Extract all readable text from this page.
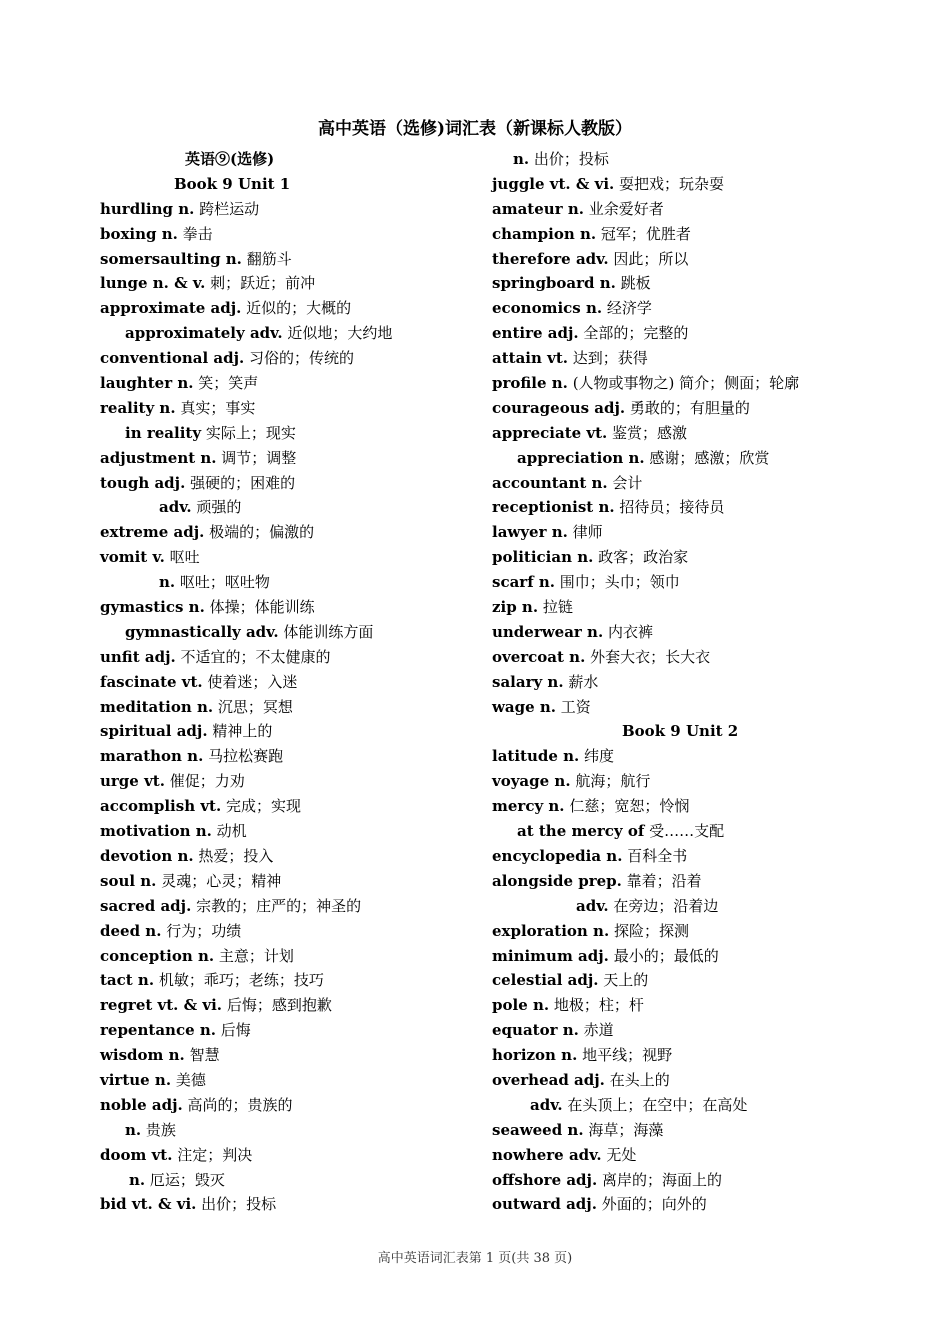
高中英语（选修)词汇表（新课标人教版）
英语⑨(选修)
Book 9 Unit 1
hurdling n. 跨栏运动
boxing n. 拳击
somersaulting n. 翻筋斗
lunge n. & v. 刺；跃近；前冲
approximate adj. 近似的；大概的
approximately adv. 近似地；大约地
conventional adj. 习俗的；传统的
laughter n. 笑；笑声
reality n. 真实；事实
in reality 实际上；现实
adjustment n. 调节；调整
tough adj. 强硬的；困难的
adv. 顽强的
extreme adj. 极端的；偏激的
vomit v. 呕吐
n. 呕吐；呕吐物
gymastics n. 体操；体能训练
gymnastically adv. 体能训练方面
unfit adj. 不适宜的；不太健康的
fascinate vt. 使着迷；入迷
meditation n. 沉思；冥想
spiritual adj. 精神上的
marathon n. 马拉松赛跑
urge vt. 催促；力劝
accomplish vt. 完成；实现
motivation n. 动机
devotion n. 热爱；投入
soul n. 灵魂；心灵；精神
sacred adj. 宗教的；庄严的；神圣的
deed n. 行为；功绩
conception n. 主意；计划
tact n. 机敏；乖巧；老练；技巧
regret vt. & vi. 后悔；感到抱歉
repentance n. 后悔
wisdom n. 智慧
virtue n. 美德
noble adj. 高尚的；贵族的
n. 贵族
doom vt. 注定；判决
n. 厄运；毁灭
bid vt. & vi. 出价；投标
n. 出价；投标
juggle vt. & vi. 耍把戏；玩杂耍
amateur n. 业余爱好者
champion n. 冠军；优胜者
therefore adv. 因此；所以
springboard n. 跳板
economics n. 经济学
entire adj. 全部的；完整的
attain vt. 达到；获得
profile n. (人物或事物之) 简介；侧面；轮廓
courageous adj. 勇敢的；有胆量的
appreciate vt. 鉴赏；感激
appreciation n. 感谢；感激；欣赏
accountant n. 会计
receptionist n. 招待员；接待员
lawyer n. 律师
politician n. 政客；政治家
scarf n. 围巾；头巾；领巾
zip n. 拉链
underwear n. 内衣裤
overcoat n. 外套大衣；长大衣
salary n. 薪水
wage n. 工资
Book 9 Unit 2
latitude n. 纬度
voyage n. 航海；航行
mercy n. 仁慈；宽恕；怜悯
at the mercy of 受……支配
encyclopedia n. 百科全书
alongside prep. 靠着；沿着
adv. 在旁边；沿着边
exploration n. 探险；探测
minimum adj. 最小的；最低的
celestial adj. 天上的
pole n. 地极；柱；杆
equator n. 赤道
horizon n. 地平线；视野
overhead adj. 在头上的
adv. 在头顶上；在空中；在高处
seaweed n. 海草；海藻
nowhere adv. 无处
offshore adj. 离岸的；海面上的
outward adj. 外面的；向外的
高中英语词汇表第 1 页(共 38 页)
